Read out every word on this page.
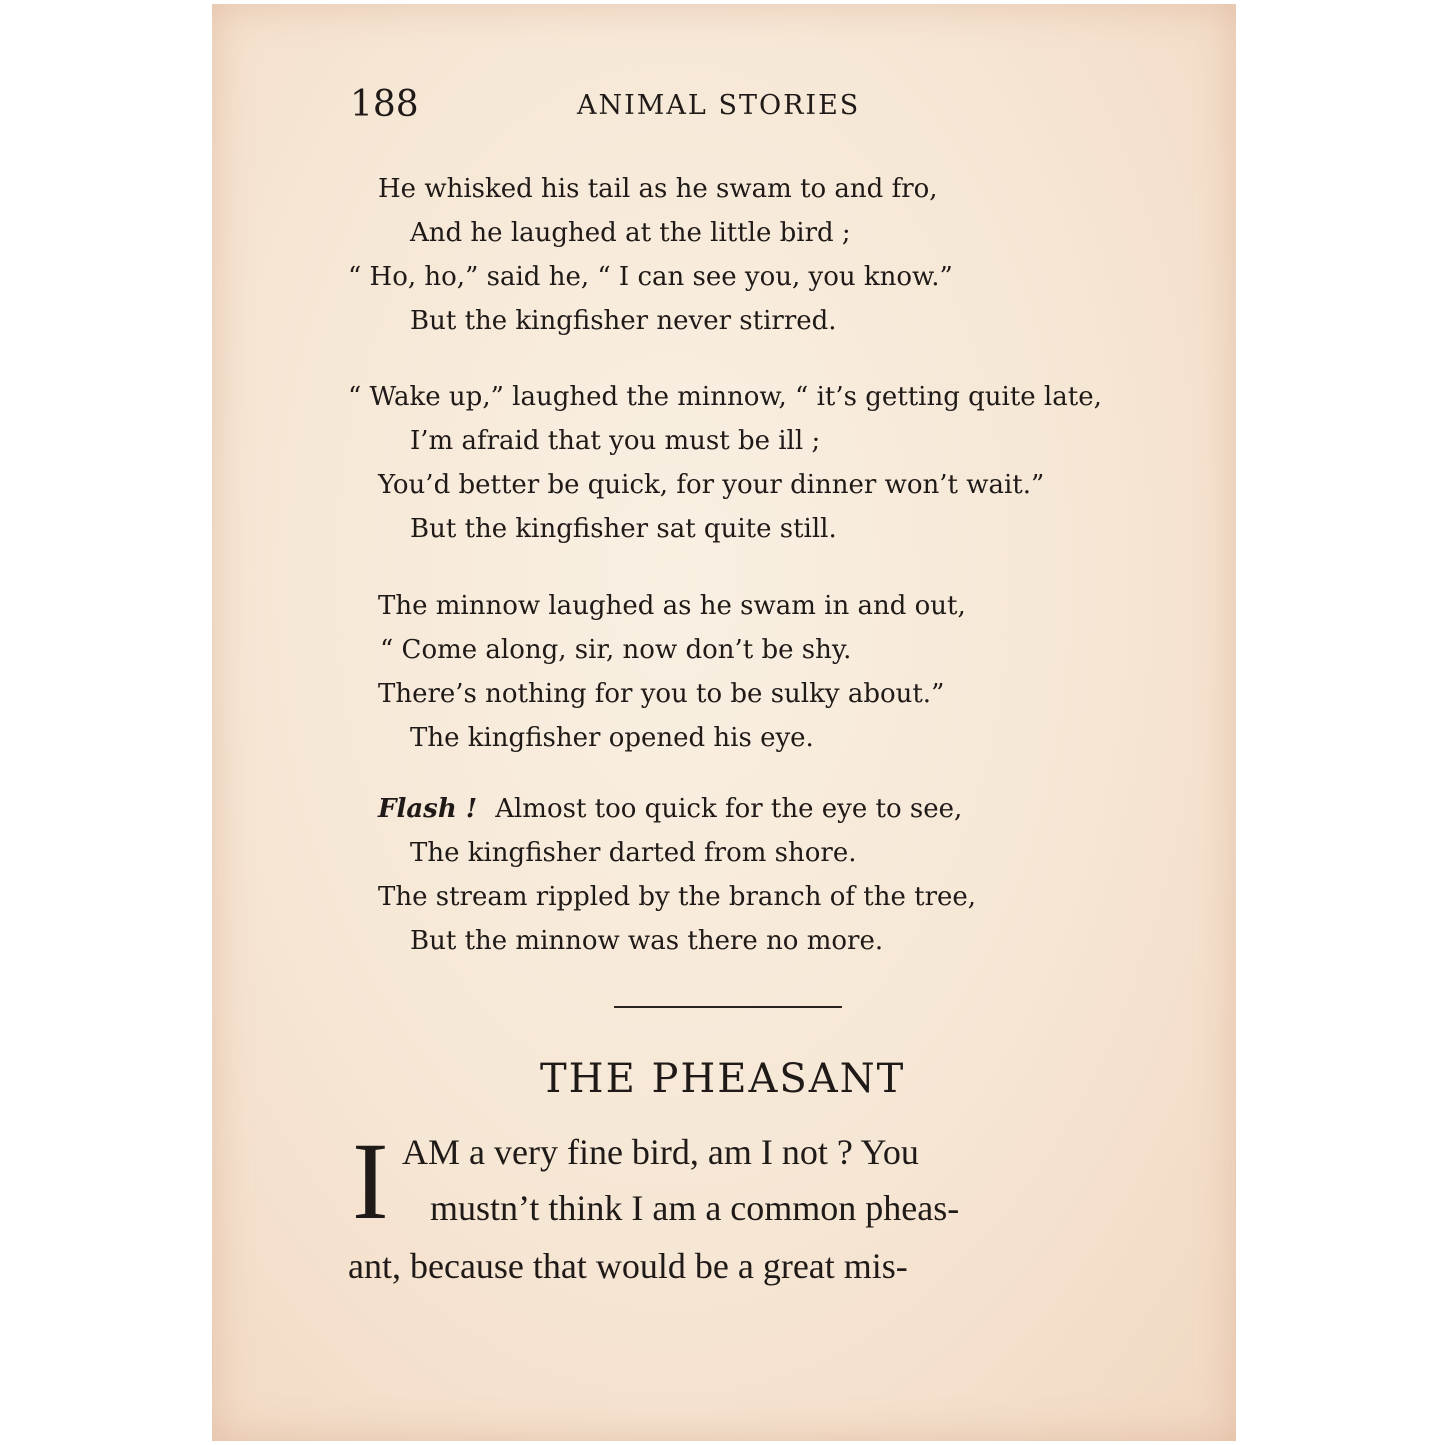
188	ANIMAL STORIES
He whisked his tail as he swam to and fro,
And he laughed at the little bird ;
“ Ho, ho,” said he, “ I can see you, you know.”
But the kingfisher never stirred.
“ Wake up,” laughed the minnow, “ it’s getting quite late,
I’m afraid that you must be ill ;
You’d better be quick, for your dinner won’t wait.”
But the kingfisher sat quite still.
The minnow laughed as he swam in and out,
“ Come along, sir, now don’t be shy.
There’s nothing for you to be sulky about.”
The kingfisher opened his eye.
Flash ! Almost too quick for the eye to see,
The kingfisher darted from shore.
The stream rippled by the branch of the tree,
But the minnow was there no more.
THE PHEASANT
I AM a very fine bird, am I not ? You
mustn’t think I am a common pheas-
ant, because that would be a great mis-
